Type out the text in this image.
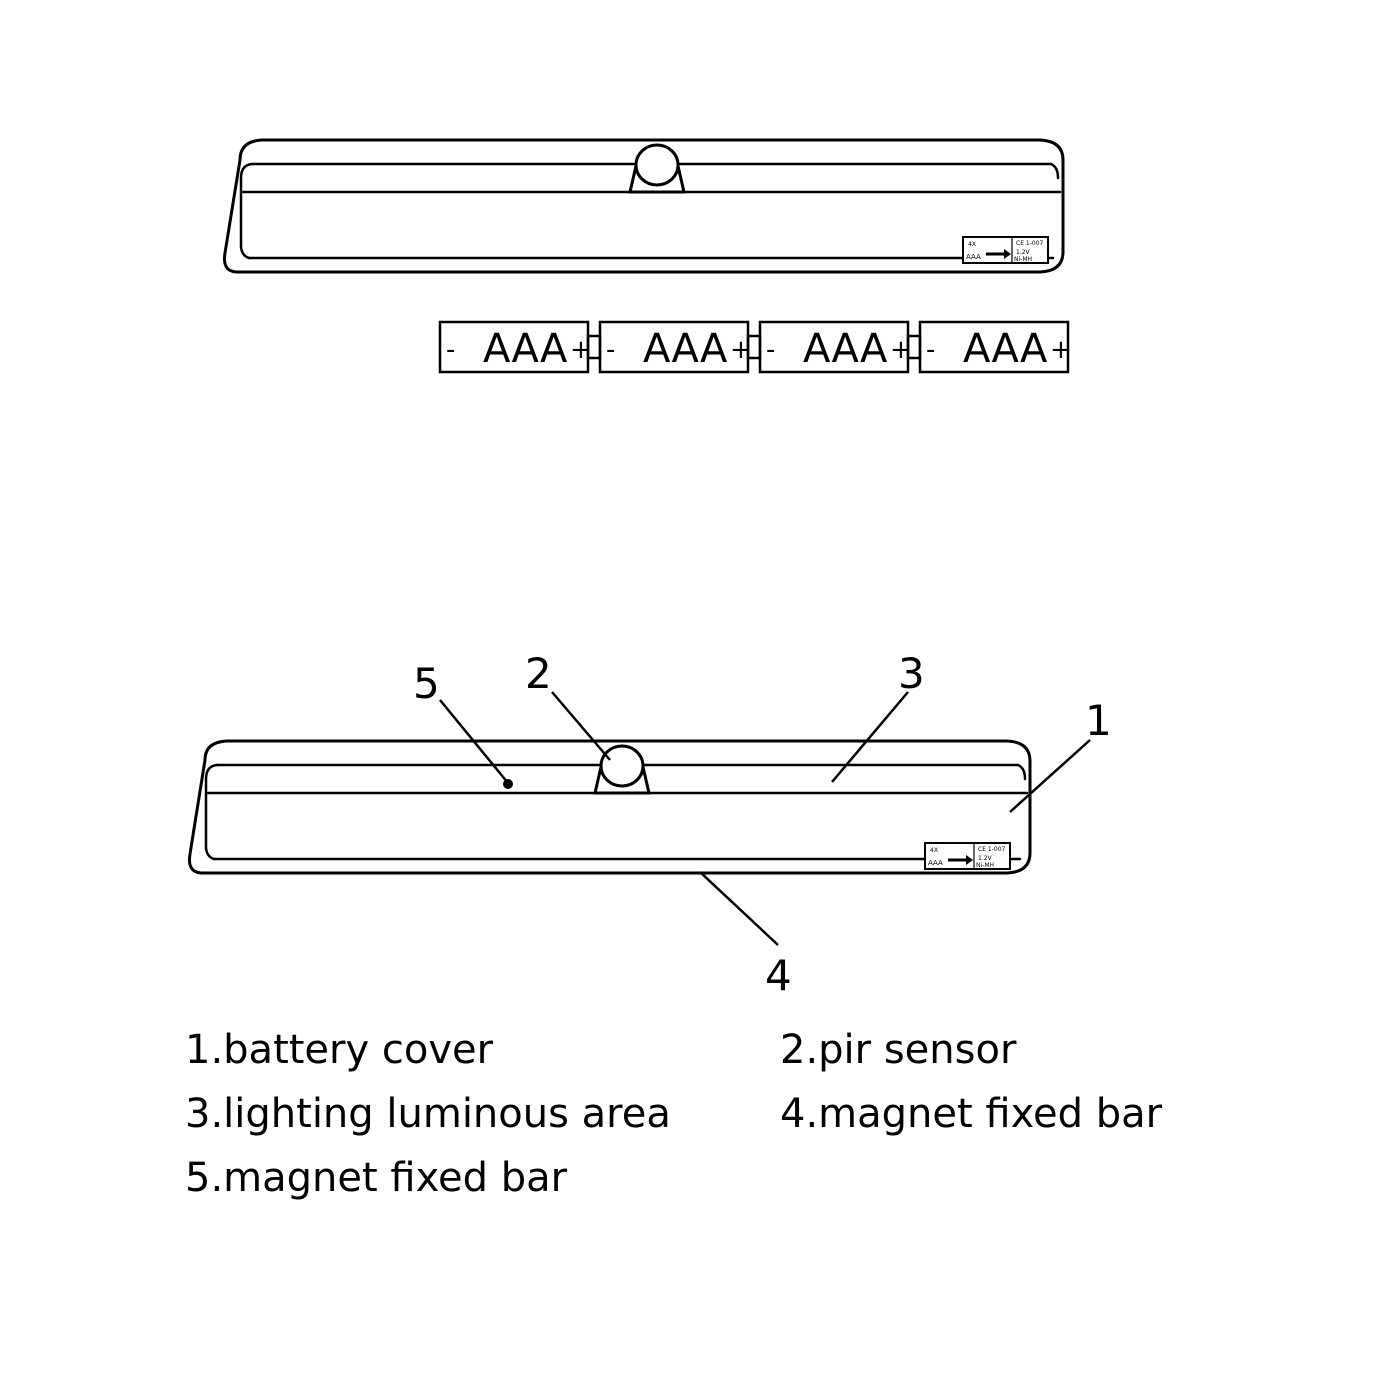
4X
AAA
CE 1-007
1.2V
Ni-MH
- AAA + - AAA + - AAA + - AAA +
4X
AAA
CE 1-007
1.2V
Ni-MH
5 2	3
1
4
1.battery cover	2.pir sensor
3.lighting luminous area	4.magnet fixed bar
5.magnet fixed bar
